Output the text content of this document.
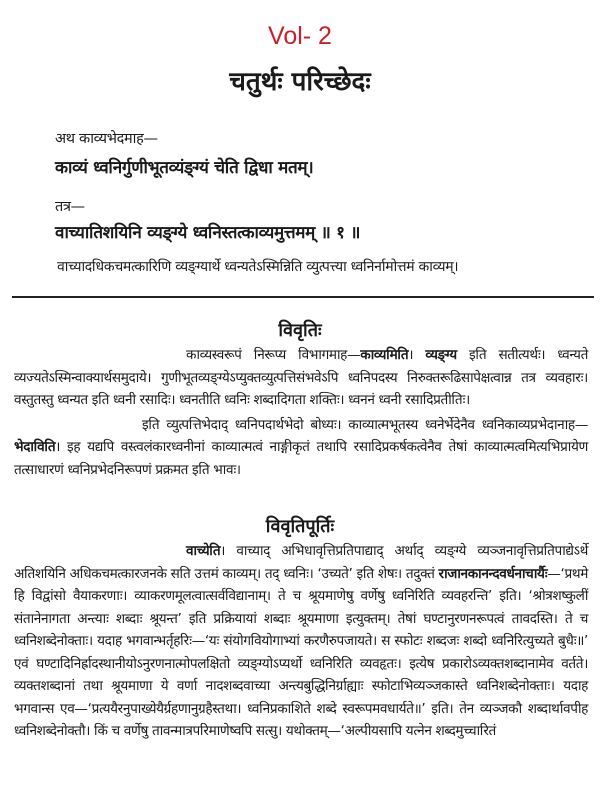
Vol- 2
चतुर्थः परिच्छेदः
अथ काव्यभेदमाह—
काव्यं ध्वनिर्गुणीभूतव्यंङ्ग्यं चेति द्विधा मतम्।
तत्र—
वाच्यातिशयिनि व्यङ्ग्ये ध्वनिस्तत्काव्यमुत्तमम् ॥ १ ॥
वाच्यादधिकचमत्कारिणि व्यङ्ग्यार्थे ध्वन्यतेऽस्मिन्निति व्युत्पत्त्या ध्वनिर्नामोत्तमं काव्यम्।
विवृतिः

काव्यस्वरूपं निरूप्य विभागमाह—काव्यमिति। व्यङ्ग्य इति सतीत्यर्थः। ध्वन्यते व्यज्यतेऽस्मिन्वाक्यार्थसमुदाये। गुणीभूतव्यङ्ग्येऽप्युक्तव्युत्पत्तिसंभवेऽपि ध्वनिपदस्य निरुक्तरूढिसापेक्षत्वान्न तत्र व्यवहारः। वस्तुतस्तु ध्वन्यत इति ध्वनी रसादिः। ध्वनतीति ध्वनिः शब्दादिगता शक्तिः। ध्वननं ध्वनी रसादिप्रतीतिः।

इति व्युत्पत्तिभेदाद् ध्वनिपदार्थभेदो बोध्यः। काव्यात्मभूतस्य ध्वनेर्भेदेनैव ध्वनिकाव्यप्रभेदानाह—भेदाविति। इह यद्यपि वस्त्वलंकारध्वनीनां काव्यात्मत्वं नाङ्गीकृतं तथापि रसादिप्रकर्षकत्वेनैव तेषां काव्यात्मत्वमित्यभिप्रायेण तत्साधारणं ध्वनिप्रभेदनिरूपणं प्रक्रमत इति भावः।

विवृतिपूर्तिः

वाच्येति। वाच्याद् अभिधावृत्तिप्रतिपाद्याद् अर्थाद् व्यङ्ग्ये व्यञ्जनावृत्तिप्रतिपाद्येऽर्थे अतिशयिनि अधिकचमत्कारजनके सति उत्तमं काव्यम्। तद् ध्वनिः। ‘उच्यते’ इति शेषः। तदुक्तं राजानकानन्दवर्धनाचार्यैः—‘प्रथमे हि विद्वांसो वैयाकरणाः। व्याकरणमूलत्वात्सर्वविद्यानाम्। ते च श्रूयमाणेषु वर्णेषु ध्वनिरिति व्यवहरन्ति’ इति। ‘श्रोत्रशष्कुलीं संतानेनागता अन्त्याः शब्दाः श्रूयन्त’ इति प्रक्रियायां शब्दाः श्रूयमाणा इत्युक्तम्। तेषां घण्टानुरणनरूपत्वं तावदस्ति। ते च ध्वनिशब्देनोक्ताः। यदाह भगवान्भर्तृहरिः—‘यः संयोगवियोगाभ्यां करणैरुपजायते। स स्फोटः शब्दजः शब्दो ध्वनिरित्युच्यते बुधैः॥’ एवं घण्टादिनिर्ह्रादस्थानीयोऽनुरणनात्मोपलक्षितो व्यङ्ग्योऽप्यर्थो ध्वनिरिति व्यवहृतः। इत्येष प्रकारोऽव्यक्तशब्दानामेव वर्तते। व्यक्तशब्दानां तथा श्रूयमाणा ये वर्णा नादशब्दवाच्या अन्त्यबुद्धिनिर्ग्राह्याः स्फोटाभिव्यञ्जकास्ते ध्वनिशब्देनोक्ताः। यदाह भगवान्स एव—‘प्रत्ययैरनुपाख्येयैर्ग्रहणानुग्रहैस्तथा। ध्वनिप्रकाशिते शब्दे स्वरूपमवधार्यते॥’ इति। तेन व्यञ्जकौ शब्दार्थावपीह ध्वनिशब्देनोक्तौ। किं च वर्णेषु तावन्मात्रपरिमाणेष्वपि सत्सु। यथोक्तम्—‘अल्पीयसापि यत्नेन शब्दमुच्चारितं
